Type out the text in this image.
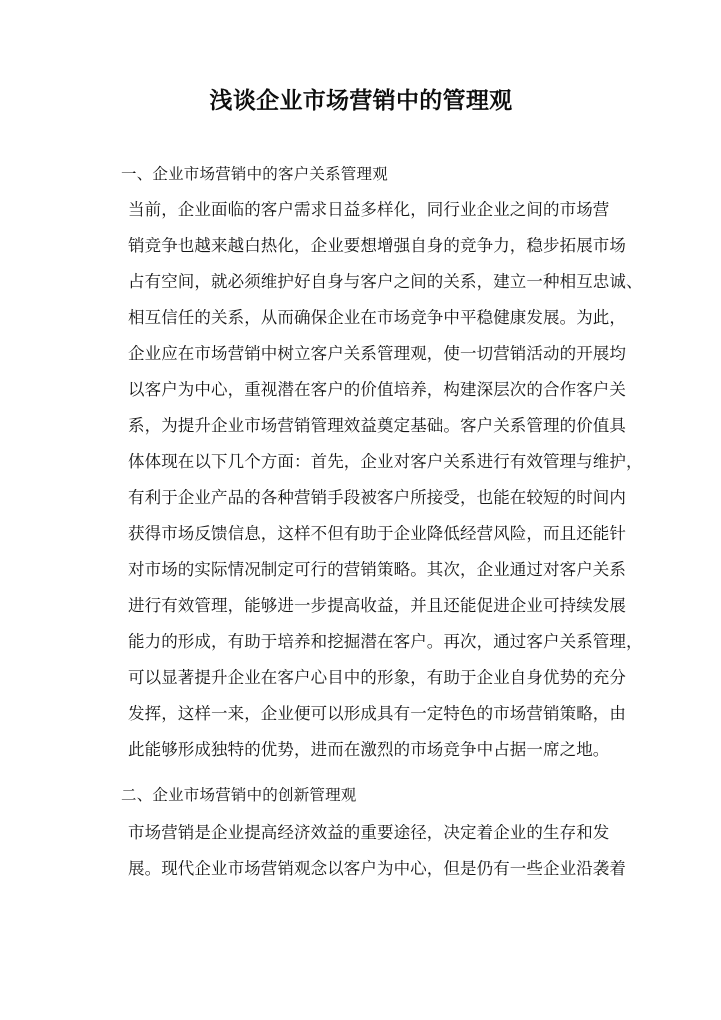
浅谈企业市场营销中的管理观
一、企业市场营销中的客户关系管理观

当前，企业面临的客户需求日益多样化，同行业企业之间的市场营
销竞争也越来越白热化，企业要想增强自身的竞争力，稳步拓展市场
占有空间，就必须维护好自身与客户之间的关系，建立一种相互忠诚、
相互信任的关系，从而确保企业在市场竞争中平稳健康发展。为此，
企业应在市场营销中树立客户关系管理观，使一切营销活动的开展均
以客户为中心，重视潜在客户的价值培养，构建深层次的合作客户关
系，为提升企业市场营销管理效益奠定基础。客户关系管理的价值具
体体现在以下几个方面：首先，企业对客户关系进行有效管理与维护，
有利于企业产品的各种营销手段被客户所接受，也能在较短的时间内
获得市场反馈信息，这样不但有助于企业降低经营风险，而且还能针
对市场的实际情况制定可行的营销策略。其次，企业通过对客户关系
进行有效管理，能够进一步提高收益，并且还能促进企业可持续发展
能力的形成，有助于培养和挖掘潜在客户。再次，通过客户关系管理，
可以显著提升企业在客户心目中的形象，有助于企业自身优势的充分
发挥，这样一来，企业便可以形成具有一定特色的市场营销策略，由
此能够形成独特的优势，进而在激烈的市场竞争中占据一席之地。

二、企业市场营销中的创新管理观

市场营销是企业提高经济效益的重要途径，决定着企业的生存和发
展。现代企业市场营销观念以客户为中心，但是仍有一些企业沿袭着
